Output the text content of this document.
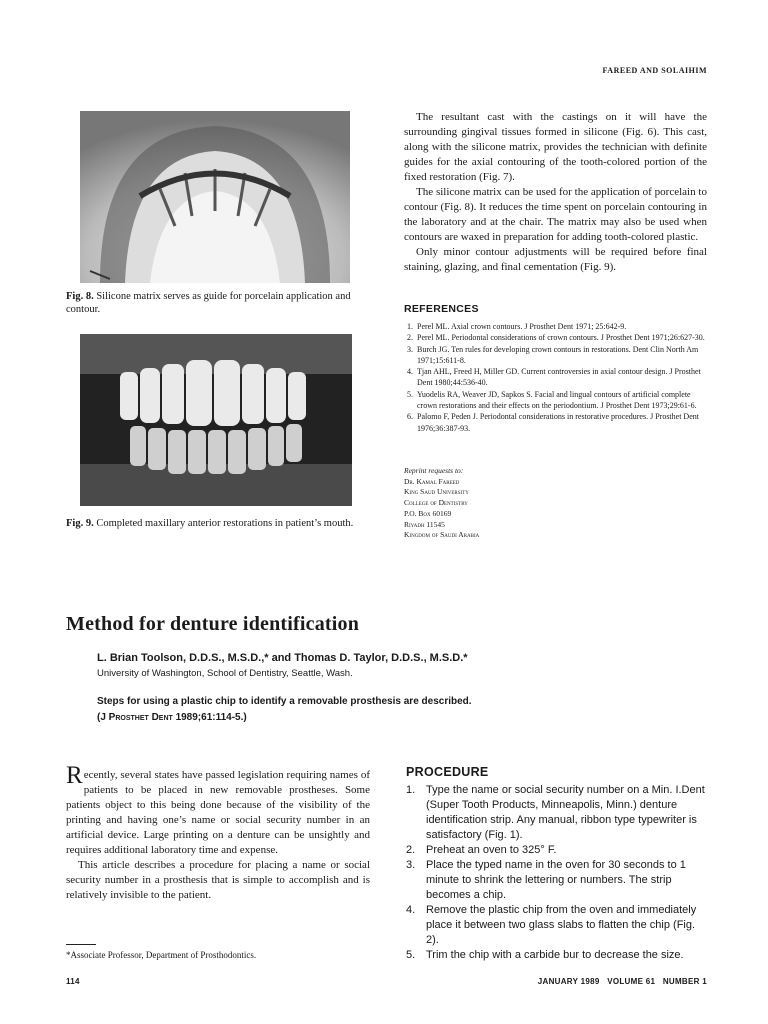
FAREED AND SOLAIHIM
Fig. 8. Silicone matrix serves as guide for porcelain application and contour.
Fig. 9. Completed maxillary anterior restorations in patient’s mouth.

The resultant cast with the castings on it will have the surrounding gingival tissues formed in silicone (Fig. 6). This cast, along with the silicone matrix, provides the technician with definite guides for the axial contouring of the tooth-colored portion of the fixed restoration (Fig. 7).

The silicone matrix can be used for the application of porcelain to contour (Fig. 8). It reduces the time spent on porcelain contouring in the laboratory and at the chair. The matrix may also be used when contours are waxed in preparation for adding tooth-colored plastic.

Only minor contour adjustments will be required before final staining, glazing, and final cementation (Fig. 9).

REFERENCES
1. Perel ML. Axial crown contours. J Prosthet Dent 1971; 25:642-9.
2. Perel ML. Periodontal considerations of crown contours. J Prosthet Dent 1971;26:627-30.
3. Burch JG. Ten rules for developing crown contours in restorations. Dent Clin North Am 1971;15:611-8.
4. Tjan AHL, Freed H, Miller GD. Current controversies in axial contour design. J Prosthet Dent 1980;44:536-40.
5. Yuodelis RA, Weaver JD, Sapkos S. Facial and lingual contours of artificial complete crown restorations and their effects on the periodontium. J Prosthet Dent 1973;29:61-6.
6. Palomo F, Peden J. Periodontal considerations in restorative procedures. J Prosthet Dent 1976;36:387-93.
Reprint requests to:
Dr. Kamal Fareed
King Saud University
College of Dentistry
P.O. Box 60169
Riyadh 11545
Kingdom of Saudi Arabia
Method for denture identification
L. Brian Toolson, D.D.S., M.S.D.,* and Thomas D. Taylor, D.D.S., M.S.D.*
University of Washington, School of Dentistry, Seattle, Wash.
Steps for using a plastic chip to identify a removable prosthesis are described.
(J Prosthet Dent 1989;61:114-5.)

Recently, several states have passed legislation requiring names of patients to be placed in new removable prostheses. Some patients object to this being done because of the visibility of the printing and having one’s name or social security number in an artificial device. Large printing on a denture can be unsightly and requires additional laboratory time and expense.

This article describes a procedure for placing a name or social security number in a prosthesis that is simple to accomplish and is relatively invisible to the patient.

PROCEDURE
1. Type the name or social security number on a Min. I.Dent (Super Tooth Products, Minneapolis, Minn.) denture identification strip. Any manual, ribbon type typewriter is satisfactory (Fig. 1).
2. Preheat an oven to 325° F.
3. Place the typed name in the oven for 30 seconds to 1 minute to shrink the lettering or numbers. The strip becomes a chip.
4. Remove the plastic chip from the oven and immediately place it between two glass slabs to flatten the chip (Fig. 2).
5. Trim the chip with a carbide bur to decrease the size.
*Associate Professor, Department of Prosthodontics.
114	JANUARY 1989 VOLUME 61 NUMBER 1
